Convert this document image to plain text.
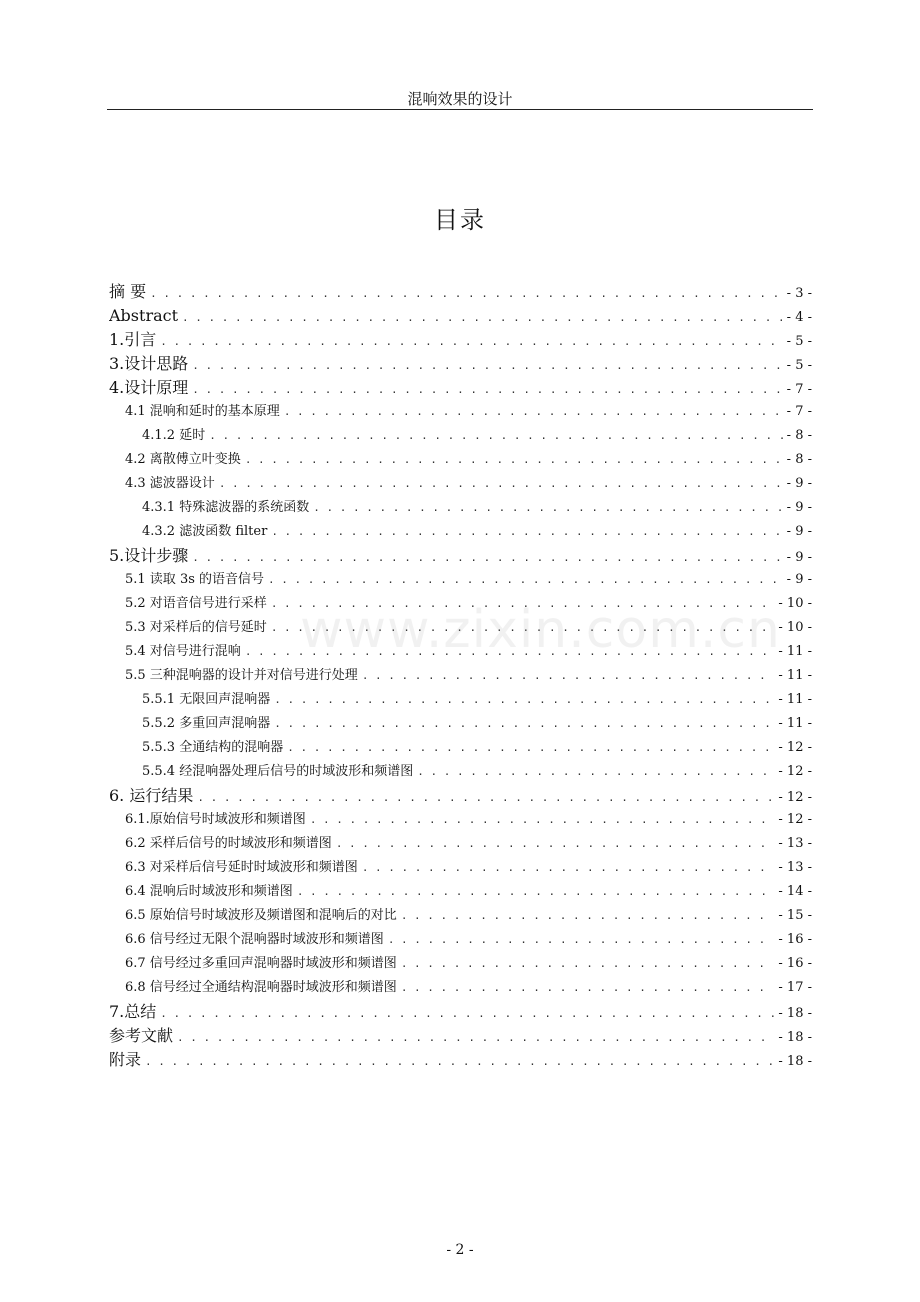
混响效果的设计
目录
摘 要 . . .	- 3 -
Abstract . . .	- 4 -
1.引言 . . .	- 5 -
3.设计思路 . . .	- 5 -
4.设计原理 . . .	- 7 -
4.1 混响和延时的基本原理 . . .	- 7 -
4.1.2 延时 . . .	- 8 -
4.2 离散傅立叶变换 . . .	- 8 -
4.3 滤波器设计 . . .	- 9 -
4.3.1 特殊滤波器的系统函数 . . .	- 9 -
4.3.2 滤波函数 filter . . .	- 9 -
5.设计步骤 . . .	- 9 -
5.1 读取 3s 的语音信号 . . .	- 9 -
5.2 对语音信号进行采样 . . .	- 10 -
5.3 对采样后的信号延时 . . .	- 10 -
5.4 对信号进行混响 . . .	- 11 -
5.5 三种混响器的设计并对信号进行处理 . . .	- 11 -
5.5.1 无限回声混响器 . . .	- 11 -
5.5.2 多重回声混响器 . . .	- 11 -
5.5.3 全通结构的混响器 . . .	- 12 -
5.5.4 经混响器处理后信号的时域波形和频谱图 . . .	- 12 -
6. 运行结果 . . .	- 12 -
6.1.原始信号时域波形和频谱图 . . .	- 12 -
6.2 采样后信号的时域波形和频谱图 . . .	- 13 -
6.3 对采样后信号延时时域波形和频谱图 . . .	- 13 -
6.4 混响后时域波形和频谱图 . . .	- 14 -
6.5 原始信号时域波形及频谱图和混响后的对比 . . .	- 15 -
6.6 信号经过无限个混响器时域波形和频谱图 . . .	- 16 -
6.7 信号经过多重回声混响器时域波形和频谱图 . . .	- 16 -
6.8 信号经过全通结构混响器时域波形和频谱图 . . .	- 17 -
7.总结 . . .	- 18 -
参考文献 . . .	- 18 -
附录 . . .	- 18 -
www.zixin.com.cn
- 2 -
